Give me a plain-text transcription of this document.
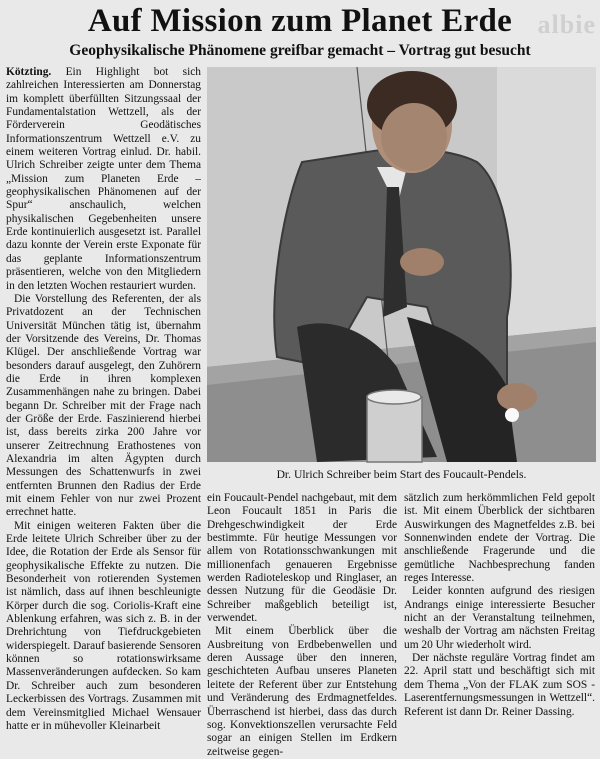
albie
Auf Mission zum Planet Erde
Geophysikalische Phänomene greifbar gemacht – Vortrag gut besucht

Kötzting. Ein Highlight bot sich zahlreichen Interessierten am Donnerstag im komplett überfüllten Sitzungssaal der Fundamentalstation Wettzell, als der Förderverein Geodätisches Informationszentrum Wettzell e.V. zu einem weiteren Vortrag einlud. Dr. habil. Ulrich Schreiber zeigte unter dem Thema „Mission zum Planeten Erde – geophysikalischen Phänomenen auf der Spur“ anschaulich, welchen physikalischen Gegebenheiten unsere Erde kontinuierlich ausgesetzt ist. Parallel dazu konnte der Verein erste Exponate für das geplante Informationszentrum präsentieren, welche von den Mitgliedern in den letzten Wochen restauriert wurden.

Die Vorstellung des Referenten, der als Privatdozent an der Technischen Universität München tätig ist, übernahm der Vorsitzende des Vereins, Dr. Thomas Klügel. Der anschließende Vortrag war besonders darauf ausgelegt, den Zuhörern die Erde in ihren komplexen Zusammenhängen nahe zu bringen. Dabei begann Dr. Schreiber mit der Frage nach der Größe der Erde. Faszinierend hierbei ist, dass bereits zirka 200 Jahre vor unserer Zeitrechnung Erathostenes von Alexandria im alten Ägypten durch Messungen des Schattenwurfs in zwei entfernten Brunnen den Radius der Erde mit einem Fehler von nur zwei Prozent errechnet hatte.

Mit einigen weiteren Fakten über die Erde leitete Ulrich Schreiber über zu der Idee, die Rotation der Erde als Sensor für geophysikalische Effekte zu nutzen. Die Besonderheit von rotierenden Systemen ist nämlich, dass auf ihnen beschleunigte Körper durch die sog. Coriolis-Kraft eine Ablenkung erfahren, was sich z. B. in der Drehrichtung von Tiefdruckgebieten widerspiegelt. Darauf basierende Sensoren können so rotationswirksame Massenveränderungen aufdecken. So kam Dr. Schreiber auch zum besonderen Leckerbissen des Vortrags. Zusammen mit dem Vereinsmitglied Michael Wensauer hatte er in mühevoller Kleinarbeit

Dr. Ulrich Schreiber beim Start des Foucault-Pendels.

ein Foucault-Pendel nachgebaut, mit dem Leon Foucault 1851 in Paris die Drehgeschwindigkeit der Erde bestimmte. Für heutige Messungen vor allem von Rotationsschwankungen mit millionenfach genaueren Ergebnisse werden Radioteleskop und Ringlaser, an dessen Nutzung für die Geodäsie Dr. Schreiber maßgeblich beteiligt ist, verwendet.

Mit einem Überblick über die Ausbreitung von Erdbebenwellen und deren Aussage über den inneren, geschichteten Aufbau unseres Planeten leitete der Referent über zur Entstehung und Veränderung des Erdmagnetfeldes. Überraschend ist hierbei, dass das durch sog. Konvektionszellen verursachte Feld sogar an einigen Stellen im Erdkern zeitweise gegen-

sätzlich zum herkömmlichen Feld gepolt ist. Mit einem Überblick der sichtbaren Auswirkungen des Magnetfeldes z.B. bei Sonnenwinden endete der Vortrag. Die anschließende Fragerunde und die gemütliche Nachbesprechung fanden reges Interesse.

Leider konnten aufgrund des riesigen Andrangs einige interessierte Besucher nicht an der Veranstaltung teilnehmen, weshalb der Vortrag am nächsten Freitag um 20 Uhr wiederholt wird.

Der nächste reguläre Vortrag findet am 22. April statt und beschäftigt sich mit dem Thema „Von der FLAK zum SOS - Laserentfernungsmessungen in Wettzell“. Referent ist dann Dr. Reiner Dassing.
